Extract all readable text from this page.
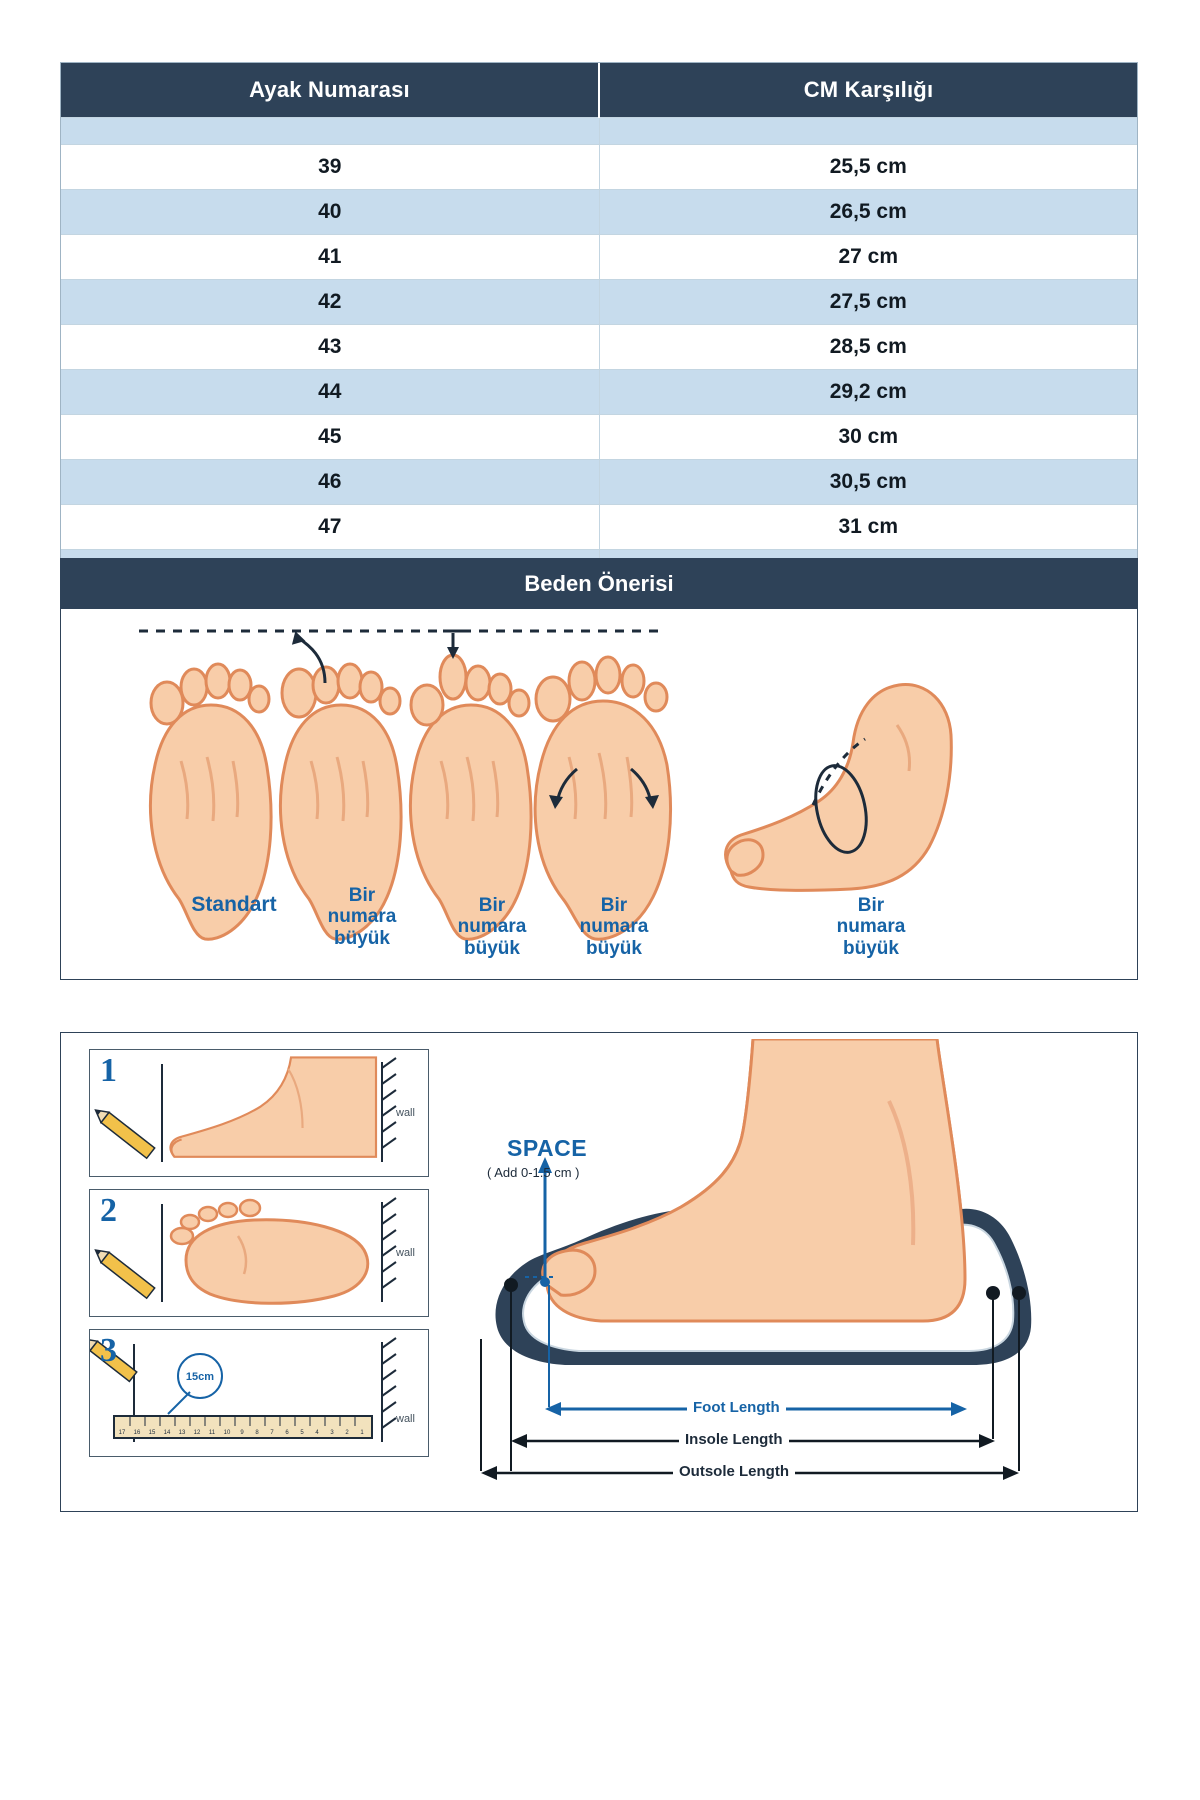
Ayak Numarası	CM Karşılığı

39	25,5 cm
40	26,5 cm
41	27 cm
42	27,5 cm
43	28,5 cm
44	29,2 cm
45	30 cm
46	30,5 cm
47	31 cm

Beden Önerisi
Standart	Bir
numara
büyük
Bir
numara
büyük
Bir
numara
büyük
Bir
numara
büyük
1
wall
2
wall
3
15cm
17 16 15 14 13 12 11 10 9 8 7 6 5 4 3 2 1
wall
SPACE
( Add 0-1.5 cm )
Foot Length
Insole Length
Outsole Length
